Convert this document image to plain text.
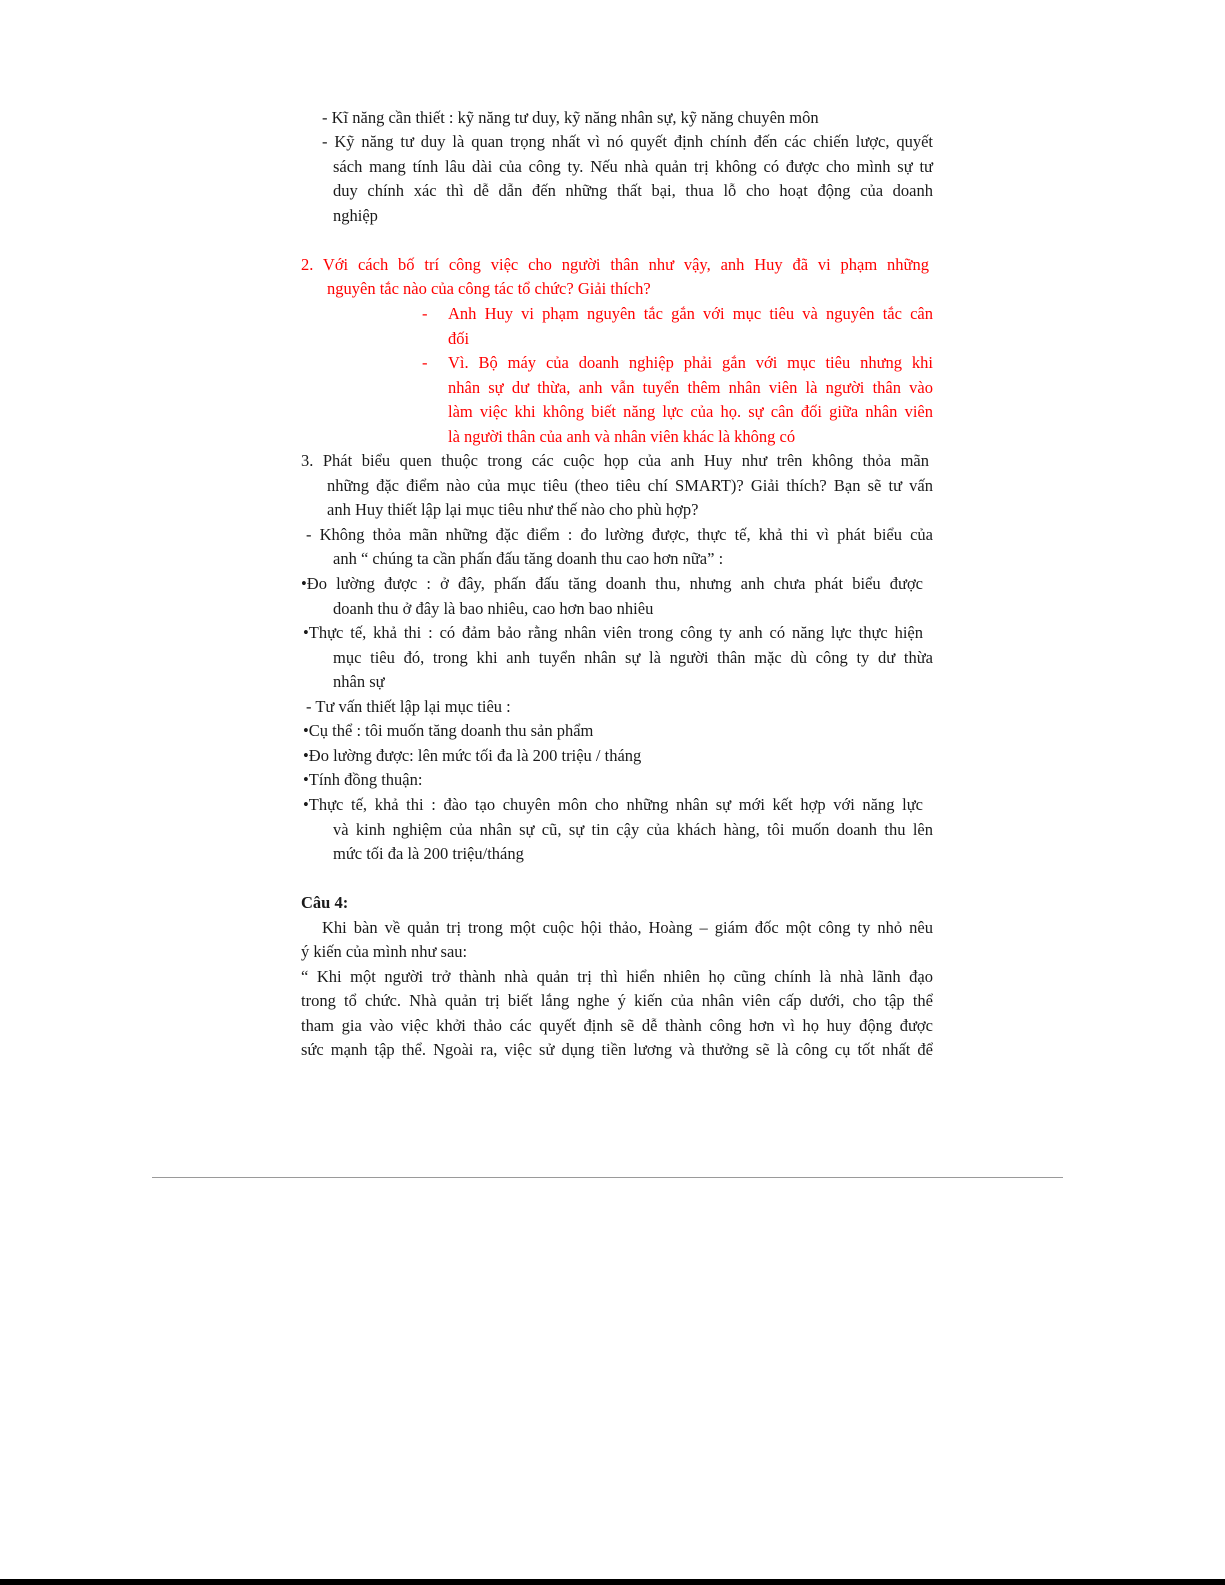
- Kĩ năng cần thiết : kỹ năng tư duy, kỹ năng nhân sự, kỹ năng chuyên môn
- Kỹ năng tư duy là quan trọng nhất vì nó quyết định chính đến các chiến lược, quyết
sách mang tính lâu dài của công ty. Nếu nhà quản trị không có được cho mình sự tư
duy chính xác thì dễ dẫn đến những thất bại, thua lỗ cho hoạt động của doanh
nghiệp
2. Với cách bố trí công việc cho người thân như vậy, anh Huy đã vi phạm những
nguyên tắc nào của công tác tổ chức? Giải thích?
- Anh Huy vi phạm nguyên tắc gắn với mục tiêu và nguyên tắc cân
đối
- Vì. Bộ máy của doanh nghiệp phải gắn với mục tiêu nhưng khi
nhân sự dư thừa, anh vẫn tuyển thêm nhân viên là người thân vào
làm việc khi không biết năng lực của họ. sự cân đối giữa nhân viên
là người thân của anh và nhân viên khác là không có
3. Phát biểu quen thuộc trong các cuộc họp của anh Huy như trên không thỏa mãn
những đặc điểm nào của mục tiêu (theo tiêu chí SMART)? Giải thích? Bạn sẽ tư vấn
anh Huy thiết lập lại mục tiêu như thế nào cho phù hợp?
- Không thỏa mãn những đặc điểm : đo lường được, thực tế, khả thi vì phát biểu của
anh “ chúng ta cần phấn đấu tăng doanh thu cao hơn nữa” :
•Đo lường được : ở đây, phấn đấu tăng doanh thu, nhưng anh chưa phát biểu được
doanh thu ở đây là bao nhiêu, cao hơn bao nhiêu
•Thực tế, khả thi : có đảm bảo rằng nhân viên trong công ty anh có năng lực thực hiện
mục tiêu đó, trong khi anh tuyển nhân sự là người thân mặc dù công ty dư thừa
nhân sự
- Tư vấn thiết lập lại mục tiêu :
•Cụ thể : tôi muốn tăng doanh thu sản phẩm
•Đo lường được: lên mức tối đa là 200 triệu / tháng
•Tính đồng thuận:
•Thực tế, khả thi : đào tạo chuyên môn cho những nhân sự mới kết hợp với năng lực
và kinh nghiệm của nhân sự cũ, sự tin cậy của khách hàng, tôi muốn doanh thu lên
mức tối đa là 200 triệu/tháng
Câu 4:
Khi bàn về quản trị trong một cuộc hội thảo, Hoàng – giám đốc một công ty nhỏ nêu
ý kiến của mình như sau:
“ Khi một người trở thành nhà quản trị thì hiển nhiên họ cũng chính là nhà lãnh đạo
trong tổ chức. Nhà quản trị biết lắng nghe ý kiến của nhân viên cấp dưới, cho tập thể
tham gia vào việc khởi thảo các quyết định sẽ dễ thành công hơn vì họ huy động được
sức mạnh tập thể. Ngoài ra, việc sử dụng tiền lương và thưởng sẽ là công cụ tốt nhất để
